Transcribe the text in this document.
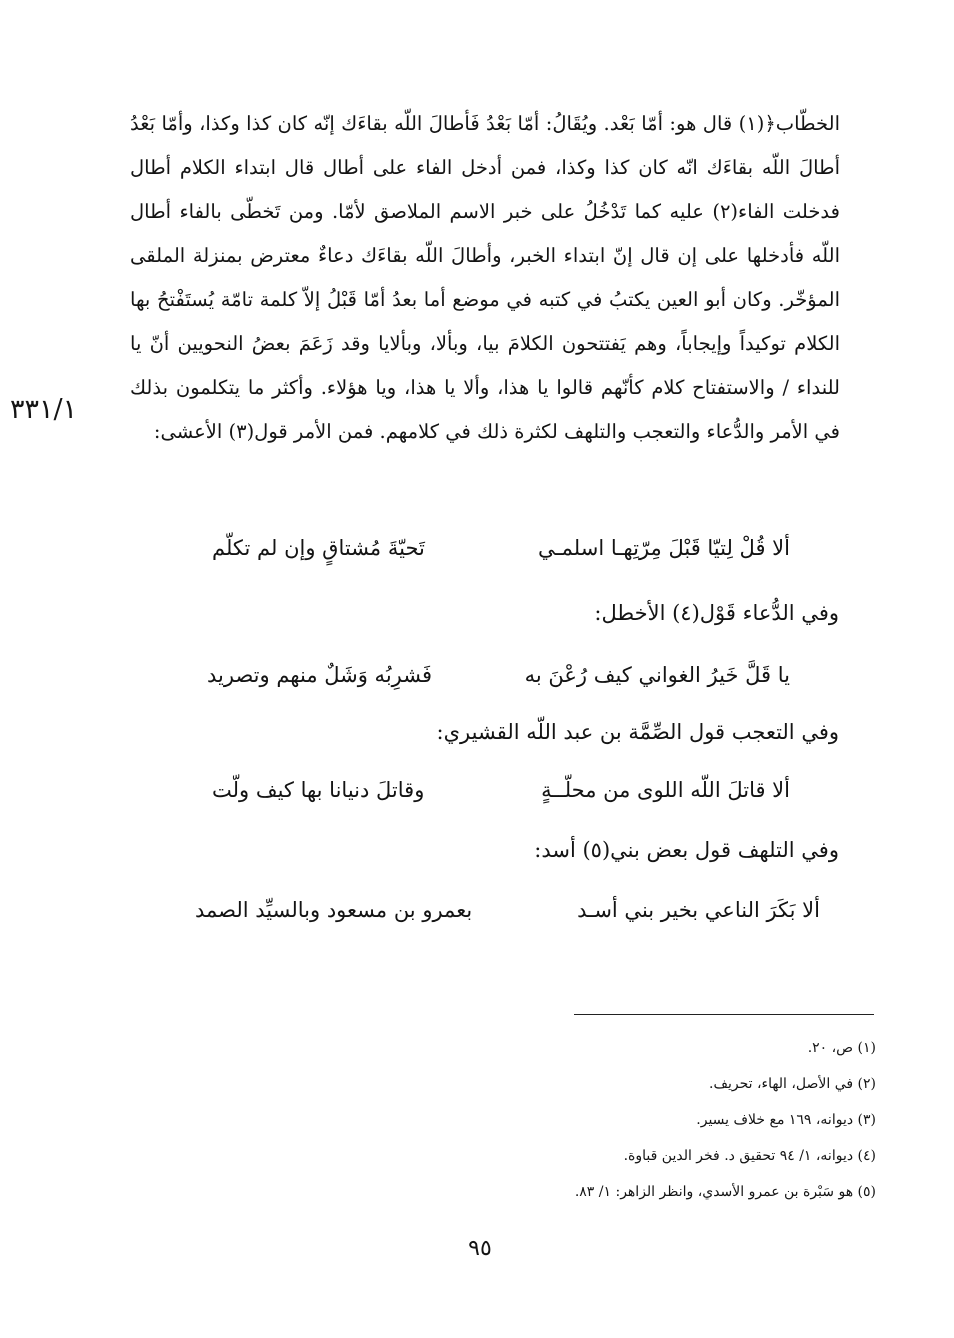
٣٣١/١

الخطّاب﴿(١) قال هو: أمّا بَعْد. ويُقَالُ: أمّا بَعْدُ فَأطالَ اللّه بقاءَك إنّه كان كذا وكذا، وأمّا بَعْدُ أطالَ اللّه بقاءَك انّه كان كذا وكذا، فمن أدخل الفاء على أطال قال ابتداء الكلام أطال فدخلت الفاء(٢) عليه كما تَدْخُلُ على خبر الاسم الملاصق لأمّا. ومن تَخطّى بالفاء أطال اللّه فأدخلها على إن قال إنّ ابتداء الخبر، وأطالَ اللّه بقاءَك دعاءٌ معترض بمنزلة الملقى المؤخّر. وكان أبو العين يكتبُ في كتبه في موضع أما بعدُ أمّا قَبْلُ إلاّ كلمة تامّة يُستَفْتحُ بها الكلام توكيداً وإيجاباً، وهم يَفتتحون الكلامَ بيا، وبألا، وبألايا وقد زَعَمَ بعضُ النحويين أنّ يا للنداء / والاستفتاح كلام كأنّهم قالوا يا هذا، وألا يا هذا، ويا هؤلاء. وأكثر ما يتكلمون بذلك في الأمر والدُّعاء والتعجب والتلهف لكثرة ذلك في كلامهم. فمن الأمر قول(٣) الأعشى:

ألا قُلْ لِتيّا قَبْلَ مِرّتِهـا اسلمـي
تَحيّةَ مُشتاقٍ وإن لم تكلّم
وفي الدُّعاء قَوْل(٤) الأخطل:
يا قَلَّ خَيرُ الغواني كيف رُعْنَ به
فَشرِبُه وَشَلٌ منهم وتصريد
وفي التعجب قول الصِّمَّة بن عبد اللّه القشيري:
ألا قاتلَ اللّه اللوى من محلّــةٍ
وقاتلَ دنيانا بها كيف ولّت
وفي التلهف قول بعض بني(٥) أسد:
ألا بَكَرَ الناعي بخير بني أسـد
بعمرو بن مسعود وبالسيِّد الصمد
(١) ص، ٢٠.
(٢) في الأصل، الهاء، تحريف.
(٣) ديوانه، ١٦٩ مع خلاف يسير.
(٤) ديوانه، ١/ ٩٤ تحقيق د. فخر الدين قباوة.
(٥) هو سَبْرة بن عمرو الأسدي، وانظر الزاهر: ١/ ٨٣.
٩٥
